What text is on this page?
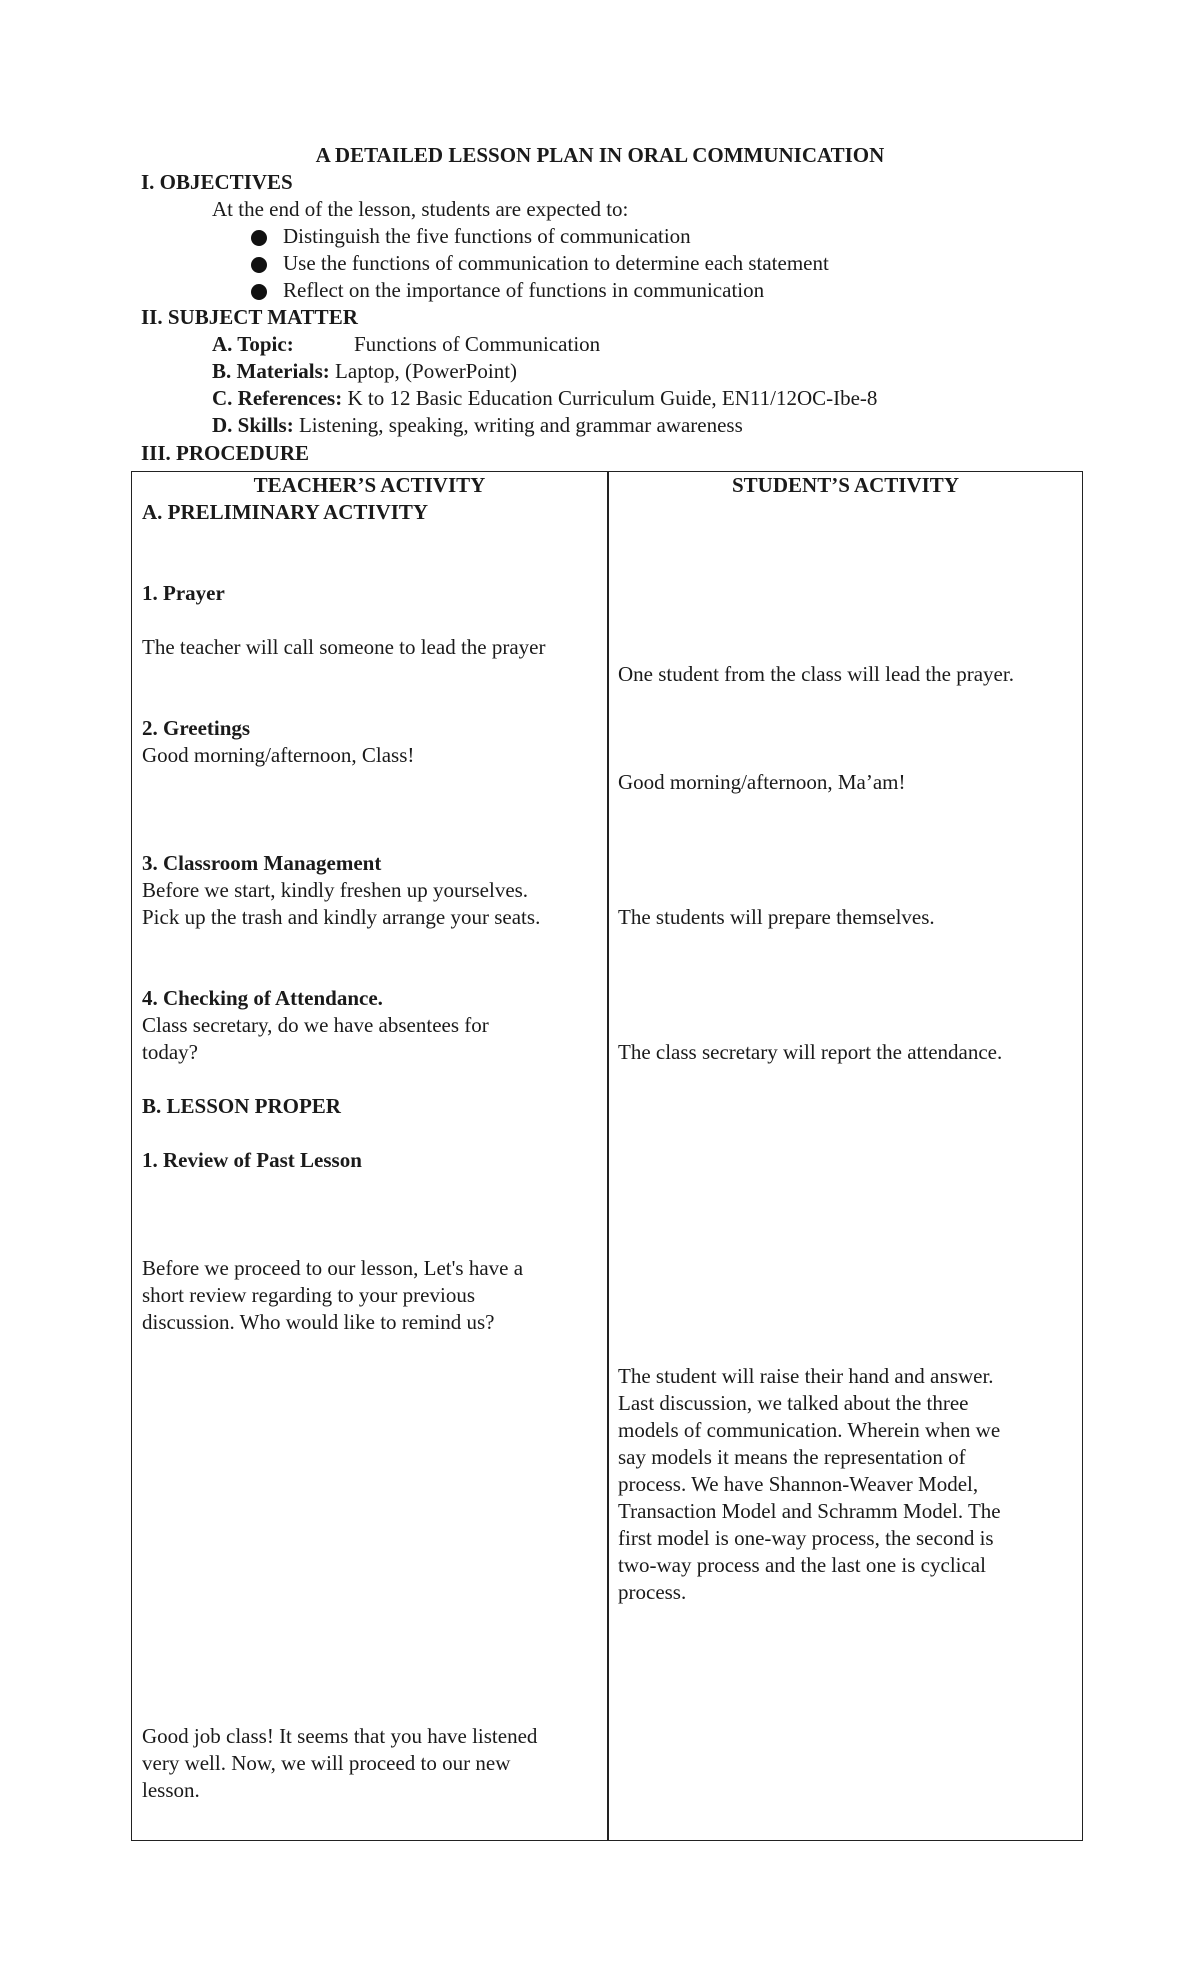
A DETAILED LESSON PLAN IN ORAL COMMUNICATION
I. OBJECTIVES
At the end of the lesson, students are expected to:
Distinguish the five functions of communication
Use the functions of communication to determine each statement
Reflect on the importance of functions in communication
II. SUBJECT MATTER
A. Topic:	Functions of Communication
B. Materials: Laptop, (PowerPoint)
C. References: K to 12 Basic Education Curriculum Guide, EN11/12OC-Ibe-8
D. Skills: Listening, speaking, writing and grammar awareness
III. PROCEDURE
TEACHER’S ACTIVITY	STUDENT’S ACTIVITY
A. PRELIMINARY ACTIVITY
1. Prayer
The teacher will call someone to lead the prayer
2. Greetings
Good morning/afternoon, Class!
3. Classroom Management
Before we start, kindly freshen up yourselves.
Pick up the trash and kindly arrange your seats.
4. Checking of Attendance.
Class secretary, do we have absentees for
today?
B. LESSON PROPER
1. Review of Past Lesson
Before we proceed to our lesson, Let's have a
short review regarding to your previous
discussion. Who would like to remind us?
Good job class! It seems that you have listened
very well. Now, we will proceed to our new
lesson.
One student from the class will lead the prayer.
Good morning/afternoon, Ma’am!
The students will prepare themselves.
The class secretary will report the attendance.
The student will raise their hand and answer.
Last discussion, we talked about the three
models of communication. Wherein when we
say models it means the representation of
process. We have Shannon-Weaver Model,
Transaction Model and Schramm Model. The
first model is one-way process, the second is
two-way process and the last one is cyclical
process.
